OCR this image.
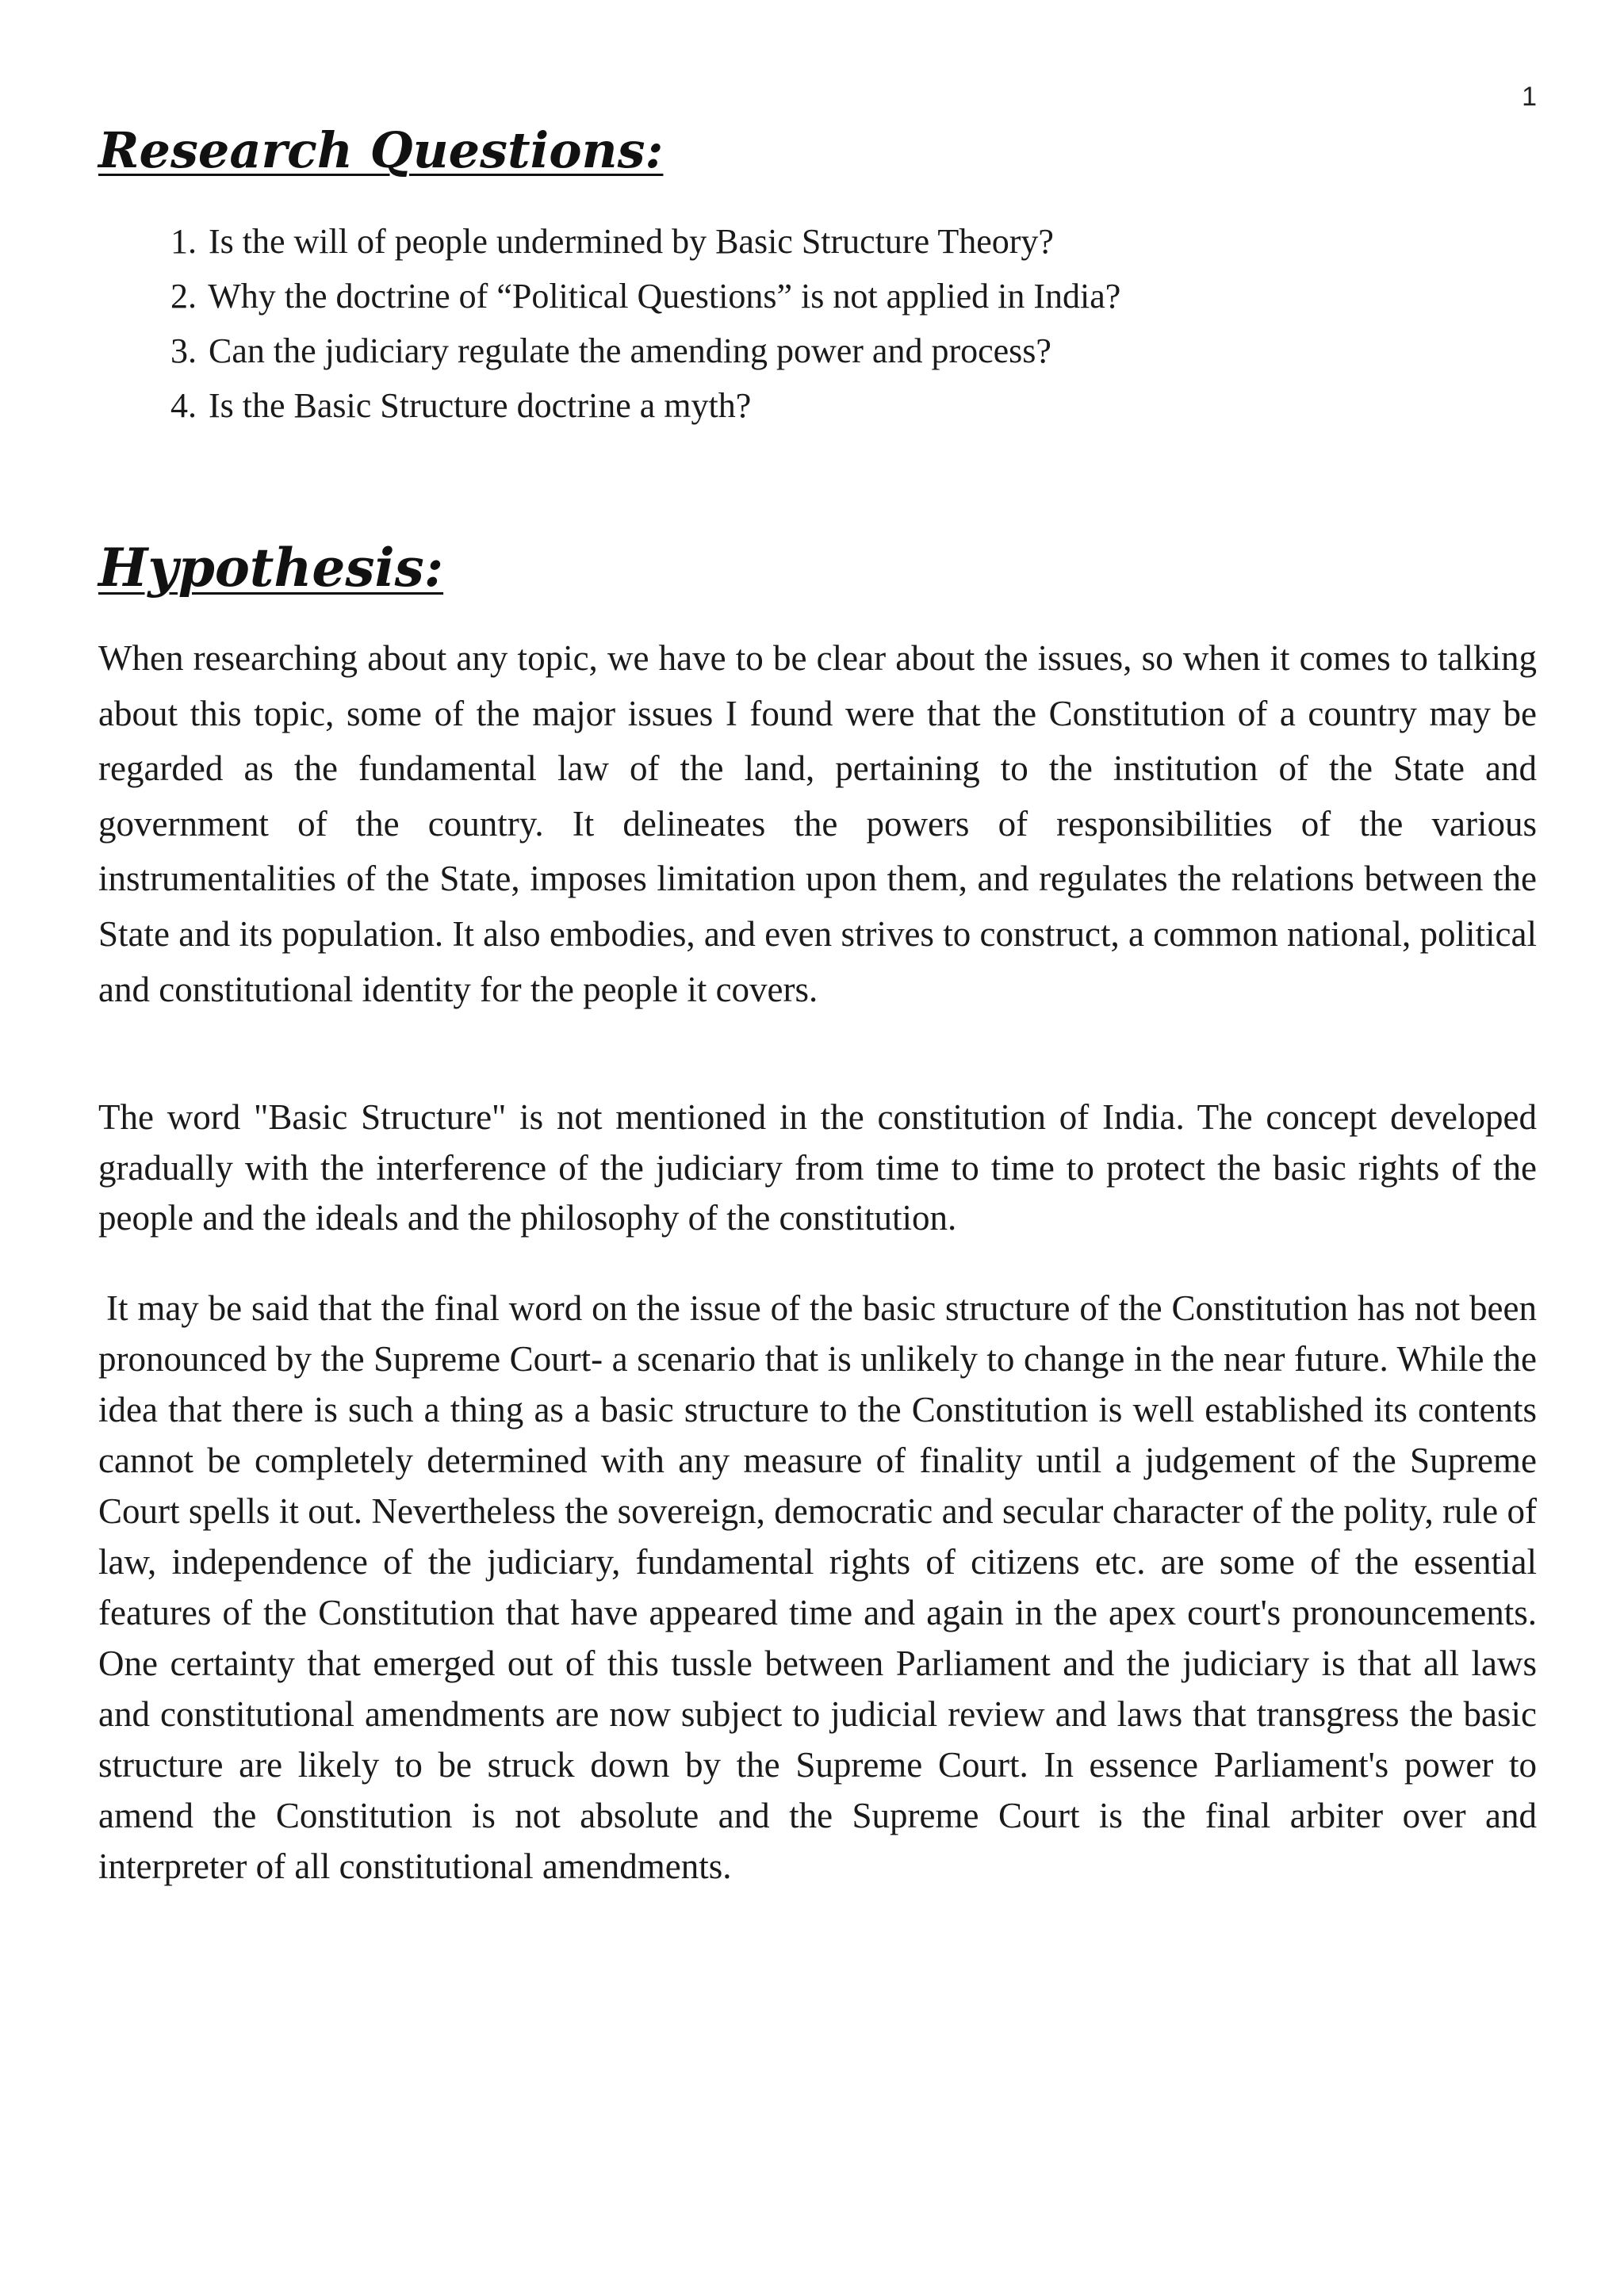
1
Research Questions:
1. Is the will of people undermined by Basic Structure Theory?
2. Why the doctrine of “Political Questions” is not applied in India?
3. Can the judiciary regulate the amending power and process?
4. Is the Basic Structure doctrine a myth?
Hypothesis:

When researching about any topic, we have to be clear about the issues, so when it comes to talking about this topic, some of the major issues I found were that the Constitution of a country may be regarded as the fundamental law of the land, pertaining to the institution of the State and government of the country. It delineates the powers of responsibilities of the various instrumentalities of the State, imposes limitation upon them, and regulates the relations between the State and its population. It also embodies, and even strives to construct, a common national, political and constitutional identity for the people it covers.

The word "Basic Structure" is not mentioned in the constitution of India. The concept developed gradually with the interference of the judiciary from time to time to protect the basic rights of the people and the ideals and the philosophy of the constitution.

It may be said that the final word on the issue of the basic structure of the Constitution has not been pronounced by the Supreme Court- a scenario that is unlikely to change in the near future. While the idea that there is such a thing as a basic structure to the Constitution is well established its contents cannot be completely determined with any measure of finality until a judgement of the Supreme Court spells it out. Nevertheless the sovereign, democratic and secular character of the polity, rule of law, independence of the judiciary, fundamental rights of citizens etc. are some of the essential features of the Constitution that have appeared time and again in the apex court's pronouncements. One certainty that emerged out of this tussle between Parliament and the judiciary is that all laws and constitutional amendments are now subject to judicial review and laws that transgress the basic structure are likely to be struck down by the Supreme Court. In essence Parliament's power to amend the Constitution is not absolute and the Supreme Court is the final arbiter over and interpreter of all constitutional amendments.
